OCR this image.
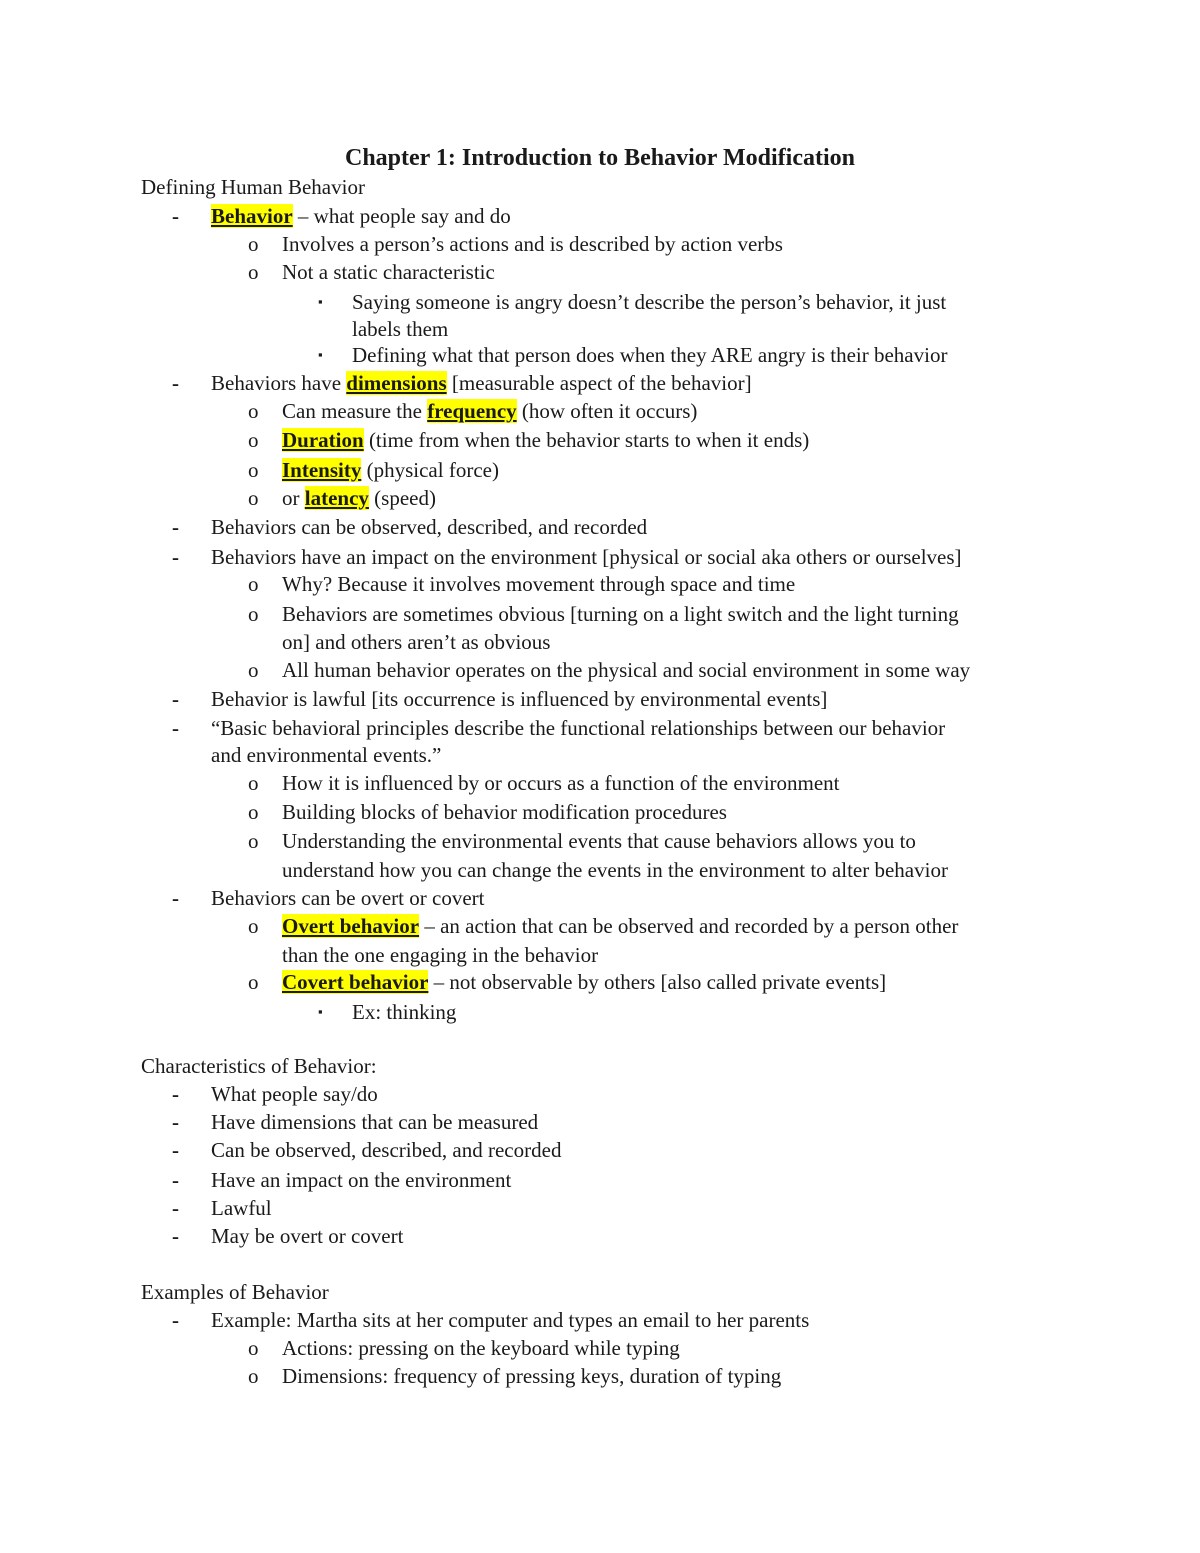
Chapter 1: Introduction to Behavior Modification
Defining Human Behavior
- Behavior – what people say and do
o Involves a person’s actions and is described by action verbs
o Not a static characteristic
▪ Saying someone is angry doesn’t describe the person’s behavior, it just
labels them
▪ Defining what that person does when they ARE angry is their behavior
- Behaviors have dimensions [measurable aspect of the behavior]
o Can measure the frequency (how often it occurs)
o Duration (time from when the behavior starts to when it ends)
o Intensity (physical force)
o or latency (speed)
- Behaviors can be observed, described, and recorded
- Behaviors have an impact on the environment [physical or social aka others or ourselves]
o Why? Because it involves movement through space and time
o Behaviors are sometimes obvious [turning on a light switch and the light turning
on] and others aren’t as obvious
o All human behavior operates on the physical and social environment in some way
- Behavior is lawful [its occurrence is influenced by environmental events]
- “Basic behavioral principles describe the functional relationships between our behavior
and environmental events.”
o How it is influenced by or occurs as a function of the environment
o Building blocks of behavior modification procedures
o Understanding the environmental events that cause behaviors allows you to
understand how you can change the events in the environment to alter behavior
- Behaviors can be overt or covert
o Overt behavior – an action that can be observed and recorded by a person other
than the one engaging in the behavior
o Covert behavior – not observable by others [also called private events]
▪ Ex: thinking
Characteristics of Behavior:
- What people say/do
- Have dimensions that can be measured
- Can be observed, described, and recorded
- Have an impact on the environment
- Lawful
- May be overt or covert
Examples of Behavior
- Example: Martha sits at her computer and types an email to her parents
o Actions: pressing on the keyboard while typing
o Dimensions: frequency of pressing keys, duration of typing
